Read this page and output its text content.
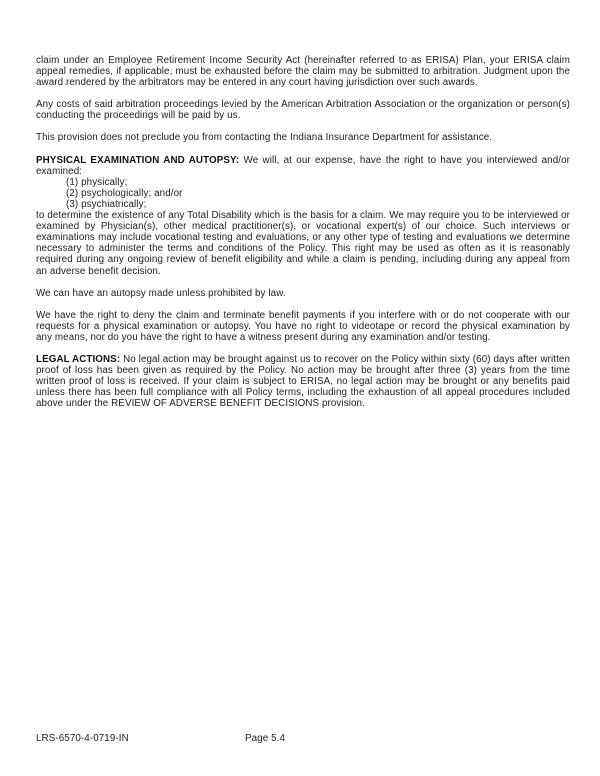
claim under an Employee Retirement Income Security Act (hereinafter referred to as ERISA) Plan, your ERISA claim appeal remedies, if applicable, must be exhausted before the claim may be submitted to arbitration. Judgment upon the award rendered by the arbitrators may be entered in any court having jurisdiction over such awards.

Any costs of said arbitration proceedings levied by the American Arbitration Association or the organization or person(s) conducting the proceedings will be paid by us.

This provision does not preclude you from contacting the Indiana Insurance Department for assistance.

PHYSICAL EXAMINATION AND AUTOPSY: We will, at our expense, have the right to have you interviewed and/or examined:

(1) physically;
(2) psychologically; and/or
(3) psychiatrically;

to determine the existence of any Total Disability which is the basis for a claim. We may require you to be interviewed or examined by Physician(s), other medical practitioner(s), or vocational expert(s) of our choice. Such interviews or examinations may include vocational testing and evaluations, or any other type of testing and evaluations we determine necessary to administer the terms and conditions of the Policy. This right may be used as often as it is reasonably required during any ongoing review of benefit eligibility and while a claim is pending, including during any appeal from an adverse benefit decision.

We can have an autopsy made unless prohibited by law.

We have the right to deny the claim and terminate benefit payments if you interfere with or do not cooperate with our requests for a physical examination or autopsy. You have no right to videotape or record the physical examination by any means, nor do you have the right to have a witness present during any examination and/or testing.

LEGAL ACTIONS: No legal action may be brought against us to recover on the Policy within sixty (60) days after written proof of loss has been given as required by the Policy. No action may be brought after three (3) years from the time written proof of loss is received. If your claim is subject to ERISA, no legal action may be brought or any benefits paid unless there has been full compliance with all Policy terms, including the exhaustion of all appeal procedures included above under the REVIEW OF ADVERSE BENEFIT DECISIONS provision.

LRS-6570-4-0719-IN	Page 5.4
